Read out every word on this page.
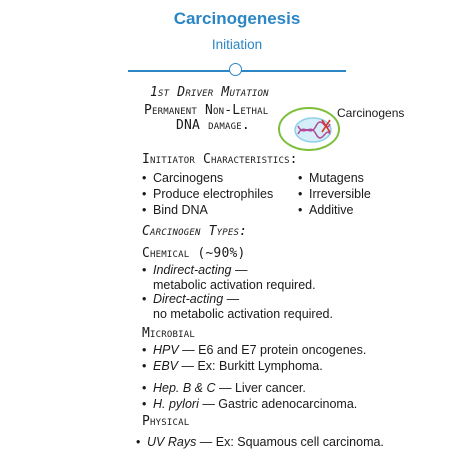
Carcinogenesis
Initiation
1st Driver Mutation
Permanent Non-Lethal
DNA damage.
Carcinogens
Initiator Characteristics:
• Carcinogens
• Produce electrophiles
• Bind DNA
• Mutagens
• Irreversible
• Additive
Carcinogen Types:
Chemical (~90%)
• Indirect-acting —
metabolic activation required.
• Direct-acting —
no metabolic activation required.
Microbial
• HPV — E6 and E7 protein oncogenes.
• EBV — Ex: Burkitt Lymphoma.
• Hep. B & C — Liver cancer.
• H. pylori — Gastric adenocarcinoma.
Physical
• UV Rays — Ex: Squamous cell carcinoma.
